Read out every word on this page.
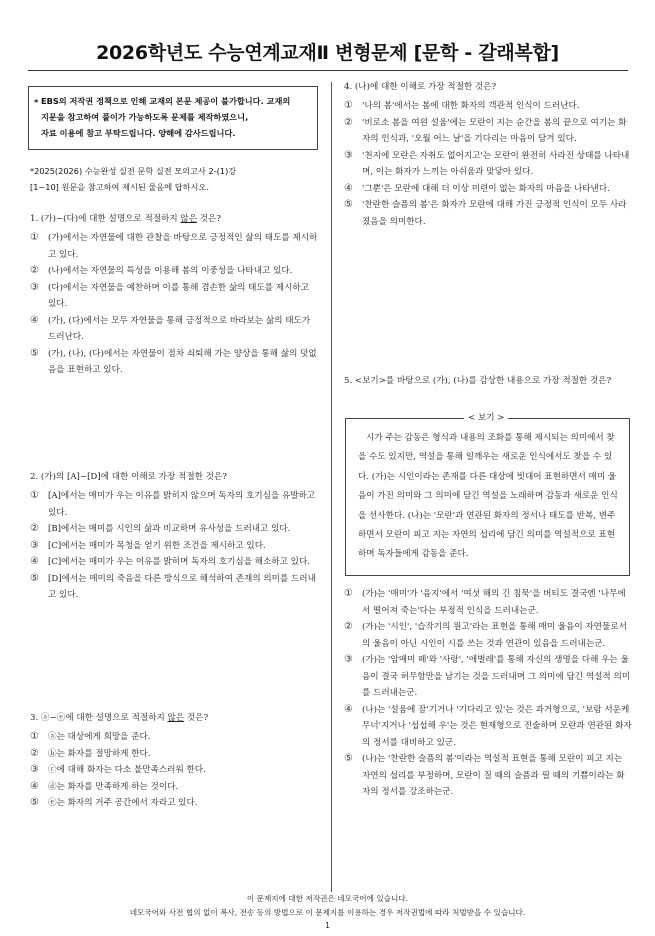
2026학년도 수능연계교재Ⅱ 변형문제 [문학 - 갈래복합]
* EBS의 저작권 정책으로 인해 교재의 본문 제공이 불가합니다. 교재의
지문을 참고하여 풀이가 가능하도록 문제를 제작하였으니,
자료 이용에 참고 부탁드립니다. 양해에 감사드립니다.
*2025(2026) 수능완성 실전 문학 실전 모의고사 2-(1)강
[1~10] 원문을 참고하여 제시된 물음에 답하시오.
1. (가)~(다)에 대한 설명으로 적절하지 않은 것은?
①	(가)에서는 자연물에 대한 관찰을 바탕으로 긍정적인 삶의 태도를 제시하고 있다.
②	(나)에서는 자연물의 특성을 이용해 봄의 이중성을 나타내고 있다.
③	(다)에서는 자연물을 예찬하며 이를 통해 겸손한 삶의 태도를 제시하고 있다.
④	(가), (다)에서는 모두 자연물을 통해 긍정적으로 바라보는 삶의 태도가 드러난다.
⑤	(가), (나), (다)에서는 자연물이 점차 쇠퇴해 가는 양상을 통해 삶의 덧없음을 표현하고 있다.
2. (가)의 [A]~[D]에 대한 이해로 가장 적절한 것은?
①	[A]에서는 매미가 우는 이유를 밝히지 않으며 독자의 호기심을 유발하고 있다.
②	[B]에서는 매미를 시인의 삶과 비교하며 유사성을 드러내고 있다.
③	[C]에서는 매미가 목청을 얻기 위한 조건을 제시하고 있다.
④	[C]에서는 매미가 우는 이유를 밝히며 독자의 호기심을 해소하고 있다.
⑤	[D]에서는 매미의 죽음을 다른 방식으로 해석하여 존재의 의미를 드러내고 있다.
3. ⓐ~ⓔ에 대한 설명으로 적절하지 않은 것은?
①	ⓐ는 대상에게 희망을 준다.
②	ⓑ는 화자를 절망하게 한다.
③	ⓒ에 대해 화자는 다소 불만족스러워 한다.
④	ⓓ는 화자를 만족하게 하는 것이다.
⑤	ⓔ는 화자의 거주 공간에서 자라고 있다.
4. (나)에 대한 이해로 가장 적절한 것은?
①	'나의 봄'에서는 봄에 대한 화자의 객관적 인식이 드러난다.
②	'비로소 봄을 여읜 설움'에는 모란이 지는 순간을 봄의 끝으로 여기는 화자의 인식과, '오월 어느 날'을 기다리는 마음이 담겨 있다.
③	'천지에 모란은 자취도 없어지고'는 모란이 완전히 사라진 상태를 나타내며, 이는 화자가 느끼는 아쉬움과 맞닿아 있다.
④	'그뿐'은 모란에 대해 더 이상 미련이 없는 화자의 마음을 나타낸다.
⑤	'찬란한 슬픔의 봄'은 화자가 모란에 대해 가진 긍정적 인식이 모두 사라졌음을 의미한다.
5. <보기>를 바탕으로 (가), (나)를 감상한 내용으로 가장 적절한 것은?
< 보기 >
시가 주는 감동은 형식과 내용의 조화를 통해 제시되는 의미에서 찾을 수도 있지만, 역설을 통해 일깨우는 새로운 인식에서도 찾을 수 있다. (가)는 시인이라는 존재를 다른 대상에 빗대어 표현하면서 매미 울음이 가진 의미와 그 의미에 담긴 역설을 노래하며 감동과 새로운 인식을 선사한다. (나)는 '모란'과 연관된 화자의 정서나 태도를 반복, 변주하면서 모란이 피고 지는 자연의 섭리에 담긴 의미를 역설적으로 표현하며 독자들에게 감동을 준다.
①	(가)는 '매미'가 '음지'에서 '여섯 해의 긴 침묵'을 버티도 결국엔 '나무에서 떨어져 죽는'다는 부정적 인식을 드러내는군.
②	(가)는 '시인', '습작기의 원고'라는 표현을 통해 매미 울음이 자연물로서의 울음이 아닌 시인이 시를 쓰는 것과 연관이 있음을 드러내는군.
③	(가)는 '암매미 떼'와 '사랑', '애벌레'를 통해 자신의 생명을 다해 우는 울음이 결국 허무함만을 남기는 것을 드러내며 그 의미에 담긴 역설적 의미를 드러내는군.
④	(나)는 '설움에 잠'기거나 '기다리고 있'는 것은 과거형으로, '보람 서운케 무너'지거나 '섭섭해 우'는 것은 현재형으로 진술하며 모란과 연관된 화자의 정서를 대비하고 있군.
⑤	(나)는 '찬란한 슬픔의 봄'이라는 역설적 표현을 통해 모란이 피고 지는 자연의 섭리를 부정하며, 모란이 질 때의 슬픔과 필 때의 기쁨이라는 화자의 정서를 강조하는군.
이 문제지에 대한 저작권은 네모국어에 있습니다.
네모국어와 사전 협의 없이 복사, 전송 등의 방법으로 이 문제지를 이용하는 경우 저작권법에 따라 처벌받을 수 있습니다.
1
